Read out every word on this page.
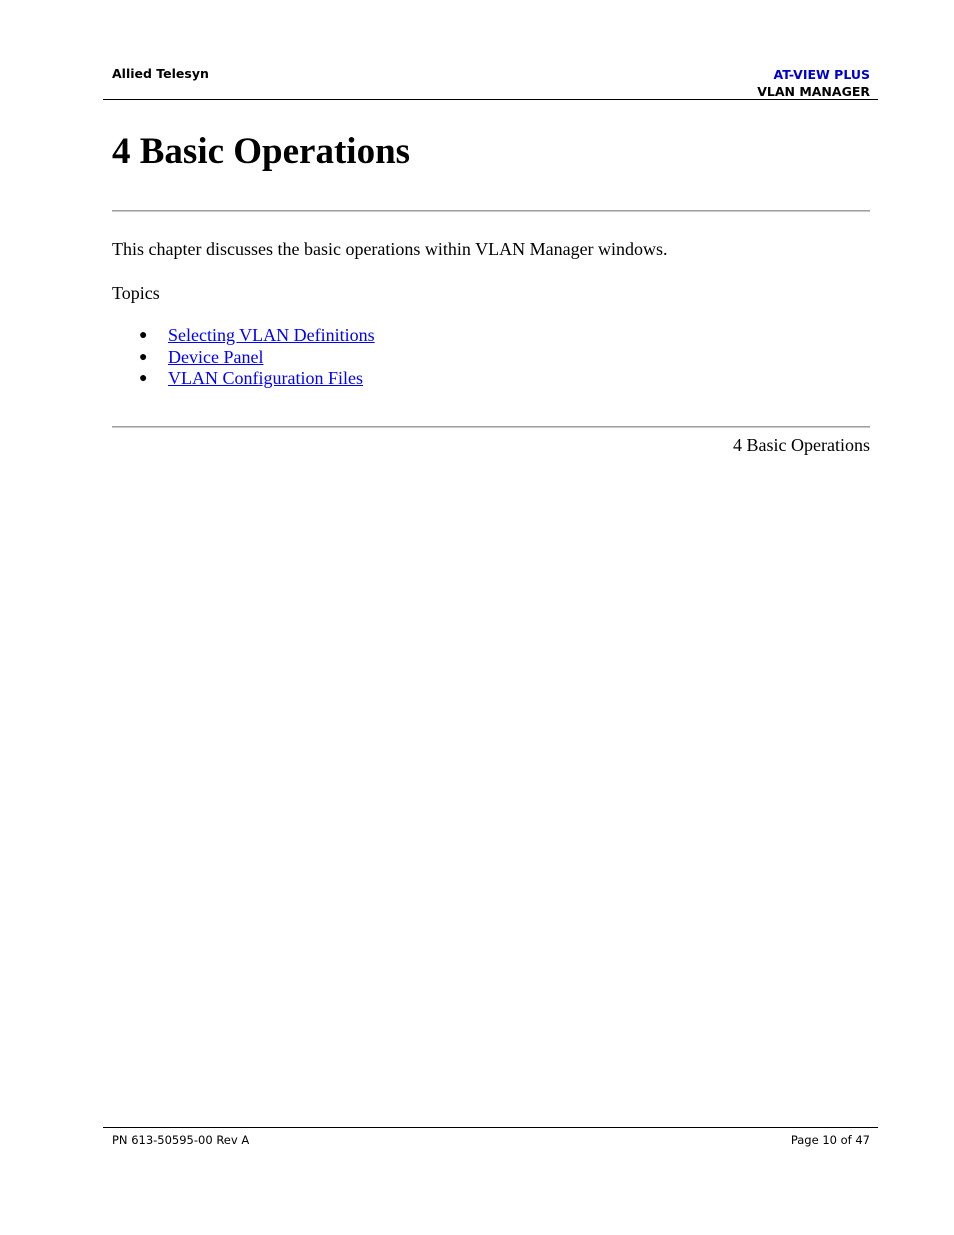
Allied Telesyn	AT-VIEW PLUS
VLAN MANAGER
4 Basic Operations

This chapter discusses the basic operations within VLAN Manager windows.

Topics

● Selecting VLAN Definitions
● Device Panel
● VLAN Configuration Files

4 Basic Operations

PN 613-50595-00 Rev A	Page 10 of 47
